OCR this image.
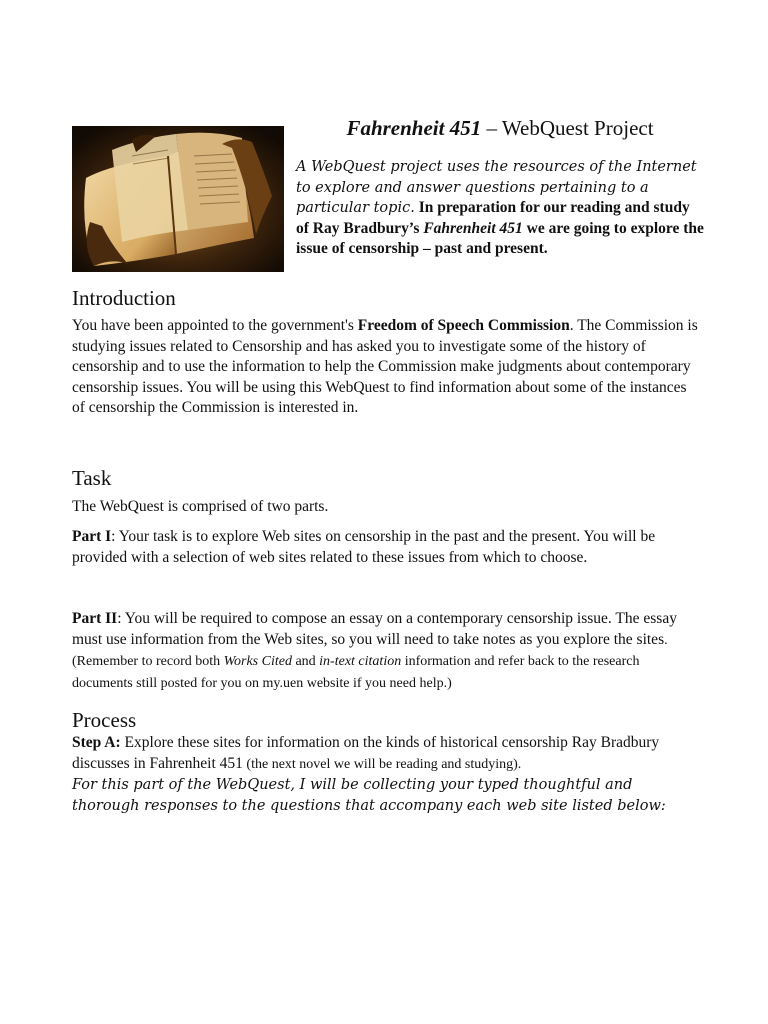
Fahrenheit 451 – WebQuest Project
A WebQuest project uses the resources of the Internet to explore and answer questions pertaining to a particular topic. In preparation for our reading and study of Ray Bradbury’s Fahrenheit 451 we are going to explore the issue of censorship – past and present.
Introduction
You have been appointed to the government's Freedom of Speech Commission. The Commission is studying issues related to Censorship and has asked you to investigate some of the history of censorship and to use the information to help the Commission make judgments about contemporary censorship issues. You will be using this WebQuest to find information about some of the instances of censorship the Commission is interested in.
Task
The WebQuest is comprised of two parts.
Part I: Your task is to explore Web sites on censorship in the past and the present. You will be provided with a selection of web sites related to these issues from which to choose.
Part II: You will be required to compose an essay on a contemporary censorship issue. The essay must use information from the Web sites, so you will need to take notes as you explore the sites. (Remember to record both Works Cited and in-text citation information and refer back to the research documents still posted for you on my.uen website if you need help.)
Process
Step A: Explore these sites for information on the kinds of historical censorship Ray Bradbury discusses in Fahrenheit 451 (the next novel we will be reading and studying).
For this part of the WebQuest, I will be collecting your typed thoughtful and thorough responses to the questions that accompany each web site listed below:
